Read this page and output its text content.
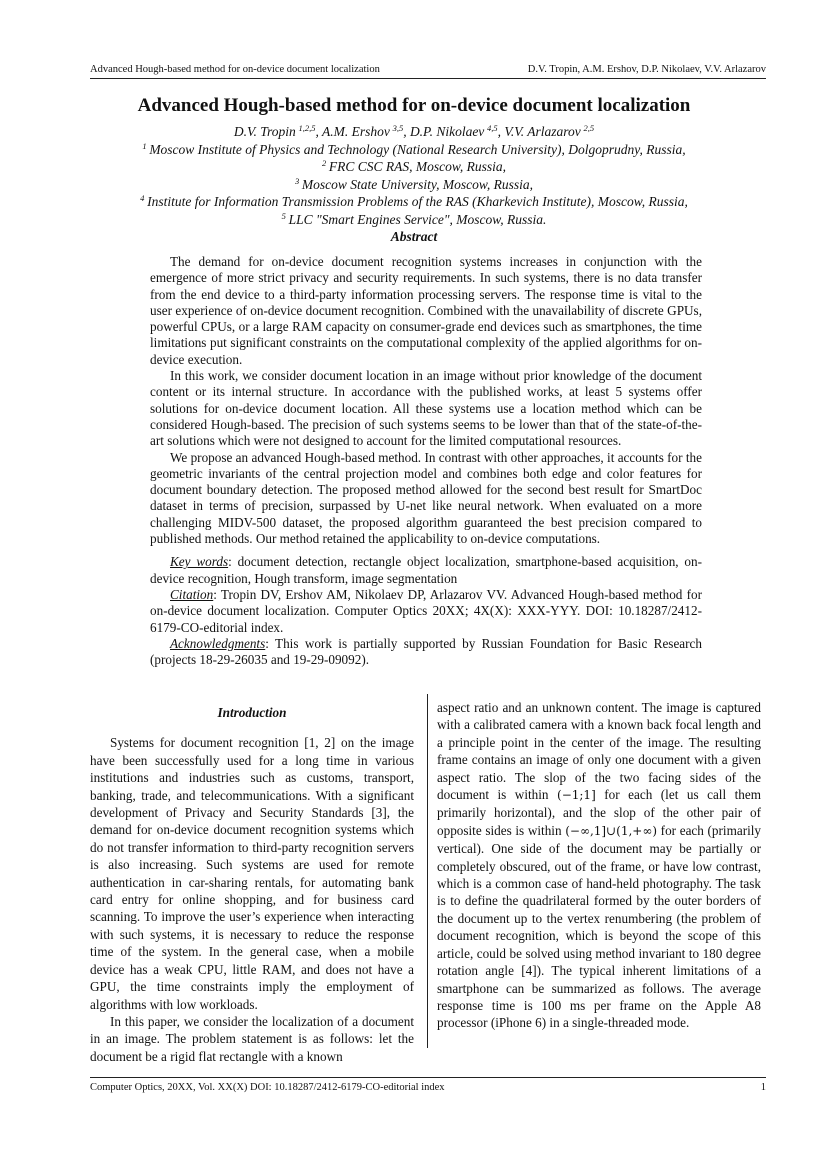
Advanced Hough-based method for on-device document localization	D.V. Tropin, A.M. Ershov, D.P. Nikolaev, V.V. Arlazarov
Advanced Hough-based method for on-device document localization
D.V. Tropin  $^{1,2,5}$, A.M. Ershov  $^{3,5}$, D.P. Nikolaev  $^{4,5}$, V.V. Arlazarov  $^{2,5}$
$^1$  Moscow Institute of Physics and Technology (National Research University), Dolgoprudny, Russia,
$^2$  FRC CSC RAS, Moscow, Russia,
$^3$  Moscow State University, Moscow, Russia,
$^4$  Institute for Information Transmission Problems of the RAS (Kharkevich Institute), Moscow, Russia,
$^5$  LLC "Smart Engines Service", Moscow, Russia.
Abstract

The demand for on-device document recognition systems increases in conjunction with the emergence of more strict privacy and security requirements. In such systems, there is no data transfer from the end device to a third-party information processing servers. The response time is vital to the user experience of on-device document recognition. Combined with the unavailability of discrete GPUs, powerful CPUs, or a large RAM capacity on consumer-grade end devices such as smartphones, the time limitations put significant constraints on the computational complexity of the applied algorithms for on-device execution.

In this work, we consider document location in an image without prior knowledge of the document content or its internal structure. In accordance with the published works, at least 5 systems offer solutions for on-device document location. All these systems use a location method which can be considered Hough-based. The precision of such systems seems to be lower than that of the state-of-the-art solutions which were not designed to account for the limited computational resources.

We propose an advanced Hough-based method. In contrast with other approaches, it accounts for the geometric invariants of the central projection model and combines both edge and color features for document boundary detection. The proposed method allowed for the second best result for SmartDoc dataset in terms of precision, surpassed by U-net like neural network. When evaluated on a more challenging MIDV-500 dataset, the proposed algorithm guaranteed the best precision compared to published methods. Our method retained the applicability to on-device computations.

Key words: document detection, rectangle object localization, smartphone-based acquisition, on-device recognition, Hough transform, image segmentation

Citation: Tropin DV, Ershov AM, Nikolaev DP, Arlazarov VV. Advanced Hough-based method for on-device document localization. Computer Optics 20XX; 4X(X): XXX-YYY. DOI: 10.18287/2412-6179-CO-editorial index.

Acknowledgments: This work is partially supported by Russian Foundation for Basic Research (projects 18-29-26035 and 19-29-09092).

Introduction

Systems for document recognition [1, 2] on the image have been successfully used for a long time in various institutions and industries such as customs, transport, banking, trade, and telecommunications. With a significant development of Privacy and Security Standards [3], the demand for on-device document recognition systems which do not transfer information to third-party recognition servers is also increasing. Such systems are used for remote authentication in car-sharing rentals, for automating bank card entry for online shopping, and for business card scanning. To improve the user’s experience when interacting with such systems, it is necessary to reduce the response time of the system. In the general case, when a mobile device has a weak CPU, little RAM, and does not have a GPU, the time constraints imply the employment of algorithms with low workloads.

In this paper, we consider the localization of a document in an image. The problem statement is as follows: let the document be a rigid flat rectangle with a known

aspect ratio and an unknown content. The image is captured with a calibrated camera with a known back focal length and a principle point in the center of the image. The resulting frame contains an image of only one document with a given aspect ratio. The slop of the two facing sides of the document is within (−1;1] for each (let us call them primarily horizontal), and the slop of the other pair of opposite sides is within (−∞,1]∪(1,+∞) for each (primarily vertical). One side of the document may be partially or completely obscured, out of the frame, or have low contrast, which is a common case of hand-held photography. The task is to define the quadrilateral formed by the outer borders of the document up to the vertex renumbering (the problem of document recognition, which is beyond the scope of this article, could be solved using method invariant to 180 degree rotation angle [4]). The typical inherent limitations of a smartphone can be summarized as follows. The average response time is 100 ms per frame on the Apple A8 processor (iPhone 6) in a single-threaded mode.

Computer Optics, 20XX, Vol. XX(X) DOI: 10.18287/2412-6179-CO-editorial index	1
